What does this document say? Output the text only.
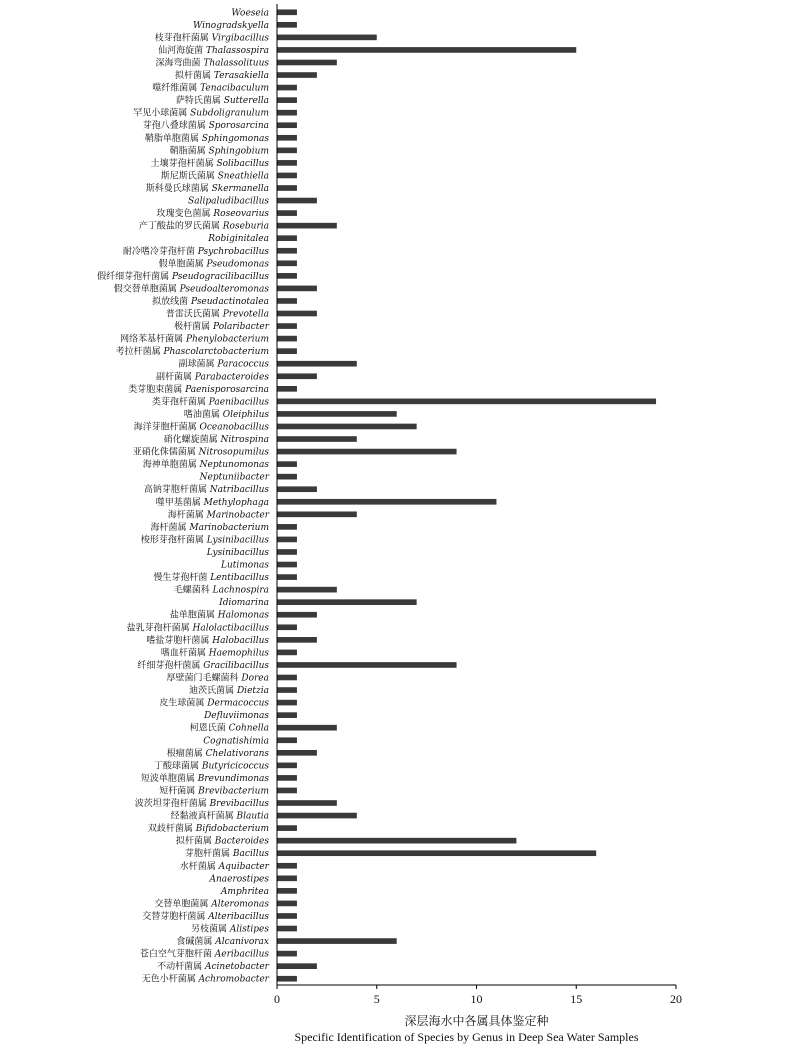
Woeseia
Winogradskyella
枝芽孢杆菌属 Virgibacillus
仙河海旋菌 Thalassospira
深海弯曲菌 Thalassolituus
拟杆菌属 Terasakiella
噬纤维菌属 Tenacibaculum
萨特氏菌属 Sutterella
罕见小球菌属 Subdoligranulum
芽孢八叠球菌属 Sporosarcina
鞘脂单胞菌属 Sphingomonas
鞘脂菌属 Sphingobium
土壤芽孢杆菌属 Solibacillus
斯尼斯氏菌属 Sneathiella
斯科曼氏球菌属 Skermanella
Salipaludibacillus
玫瑰变色菌属 Roseovarius
产丁酸盐的罗氏菌属 Roseburia
Robiginitalea
耐冷嗜冷芽孢杆菌 Psychrobacillus
假单胞菌属 Pseudomonas
假纤细芽孢杆菌属 Pseudogracilibacillus
假交替单胞菌属 Pseudoalteromonas
拟放线菌 Pseudactinotalea
普雷沃氏菌属 Prevotella
极杆菌属 Polaribacter
网络苯基杆菌属 Phenylobacterium
考拉杆菌属 Phascolarctobacterium
副球菌属 Paracoccus
副杆菌属 Parabacteroides
类芽胞束菌属 Paenisporosarcina
类芽孢杆菌属 Paenibacillus
嗜油菌属 Oleiphilus
海洋芽胞杆菌属 Oceanobacillus
硝化螺旋菌属 Nitrospina
亚硝化侏儒菌属 Nitrosopumilus
海神单胞菌属 Neptunomonas
Neptuniibacter
高钠芽胞杆菌属 Natribacillus
噬甲基菌属 Methylophaga
海杆菌属 Marinobacter
海杆菌属 Marinobacterium
梭形芽孢杆菌属 Lysinibacillus
Lysinibacillus
Lutimonas
慢生芽孢杆菌 Lentibacillus
毛螺菌科 Lachnospira
Idiomarina
盐单胞菌属 Halomonas
盐乳芽孢杆菌属 Halolactibacillus
嗜盐芽胞杆菌属 Halobacillus
嗜血杆菌属 Haemophilus
纤细芽孢杆菌属 Gracilibacillus
厚壁菌门毛螺菌科 Dorea
迪茨氏菌属 Dietzia
皮生球菌属 Dermacoccus
Defluviimonas
柯恩氏菌 Cohnella
Cognatishimia
根瘤菌属 Chelativorans
丁酸球菌属 Butyricicoccus
短波单胞菌属 Brevundimonas
短杆菌属 Brevibacterium
波茨坦芽孢杆菌属 Brevibacillus
经黏液真杆菌属 Blautia
双歧杆菌属 Bifidobacterium
拟杆菌属 Bacteroides
芽胞杆菌属 Bacillus
水杆菌属 Aquibacter
Anaerostipes
Amphritea
交替单胞菌属 Alteromonas
交替芽胞杆菌属 Alteribacillus
另枝菌属 Alistipes
食碱菌属 Alcanivorax
苍白空气芽胞杆菌 Aeribacillus
不动杆菌属 Acinetobacter
无色小杆菌属 Achromobacter
0	5	10	15	20
深层海水中各属具体鉴定种
Specific Identification of Species by Genus in Deep Sea Water Samples
